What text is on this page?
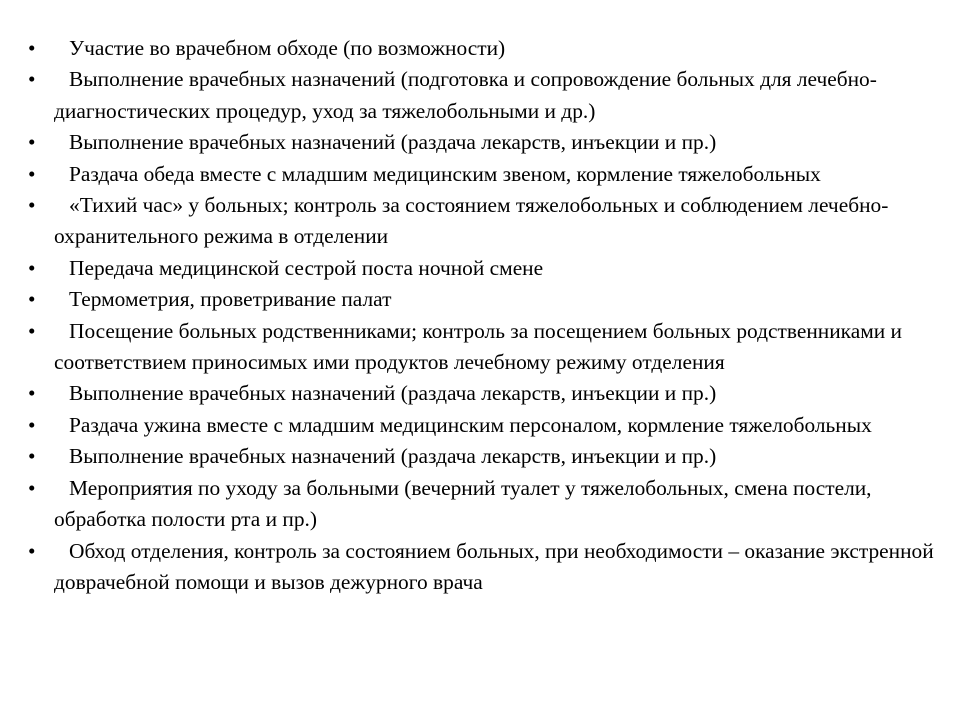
•	Участие во врачебном обходе (по возможности)
•	Выполнение врачебных назначений (подготовка и сопровождение больных для лечебно-диагностических процедур, уход за тяжелобольными и др.)
•	Выполнение врачебных назначений (раздача лекарств, инъекции и пр.)
•	Раздача обеда вместе с младшим медицинским звеном, кормление тяжелобольных
•	«Тихий час» у больных; контроль за состоянием тяжелобольных и соблюдением лечебно-охранительного режима в отделении
•	Передача медицинской сестрой поста ночной смене
•	Термометрия, проветривание палат
•	Посещение больных родственниками; контроль за посещением больных родственниками и соответствием приносимых ими продуктов лечебному режиму отделения
•	Выполнение врачебных назначений (раздача лекарств, инъекции и пр.)
•	Раздача ужина вместе с младшим медицинским персоналом, кормление тяжелобольных
•	Выполнение врачебных назначений (раздача лекарств, инъекции и пр.)
•	Мероприятия по уходу за больными (вечерний туалет у тяжелобольных, смена постели, обработка полости рта и пр.)
•	Обход отделения, контроль за состоянием больных, при необходимости – оказание экстренной доврачебной помощи и вызов дежурного врача
